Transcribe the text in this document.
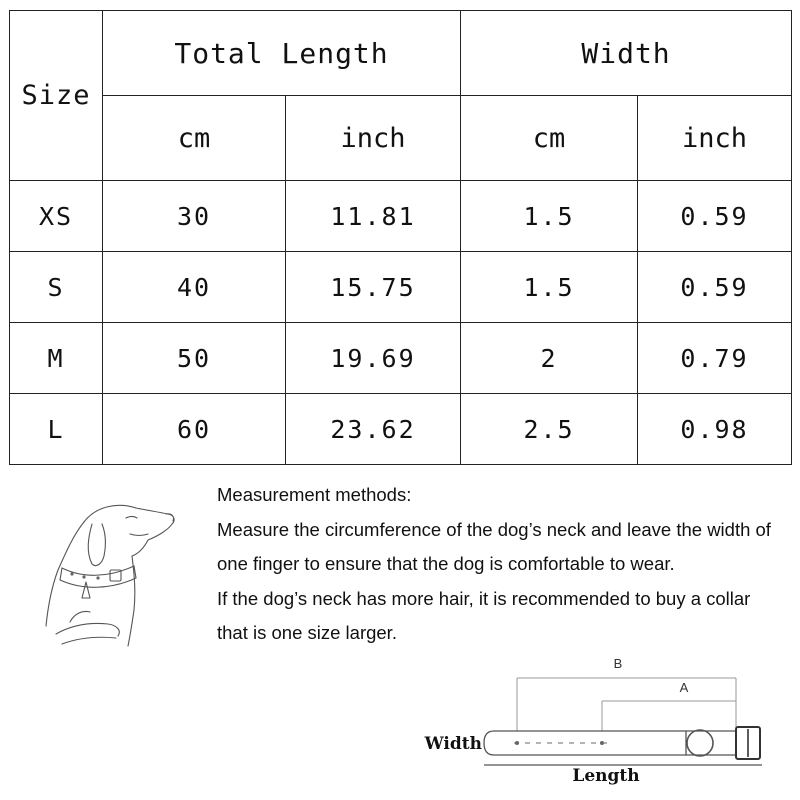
Size	Total Length		Width	
	cm	inch	cm	inch
XS	30	11.81	1.5	0.59
S	40	15.75	1.5	0.59
M	50	19.69	2	0.79
L	60	23.62	2.5	0.98

Measurement methods:

Measure the circumference of the dog’s neck and leave the width of one finger to ensure that the dog is comfortable to wear.

If the dog’s neck has more hair, it is recommended to buy a collar that is one size larger.

B
A
Width
Length
